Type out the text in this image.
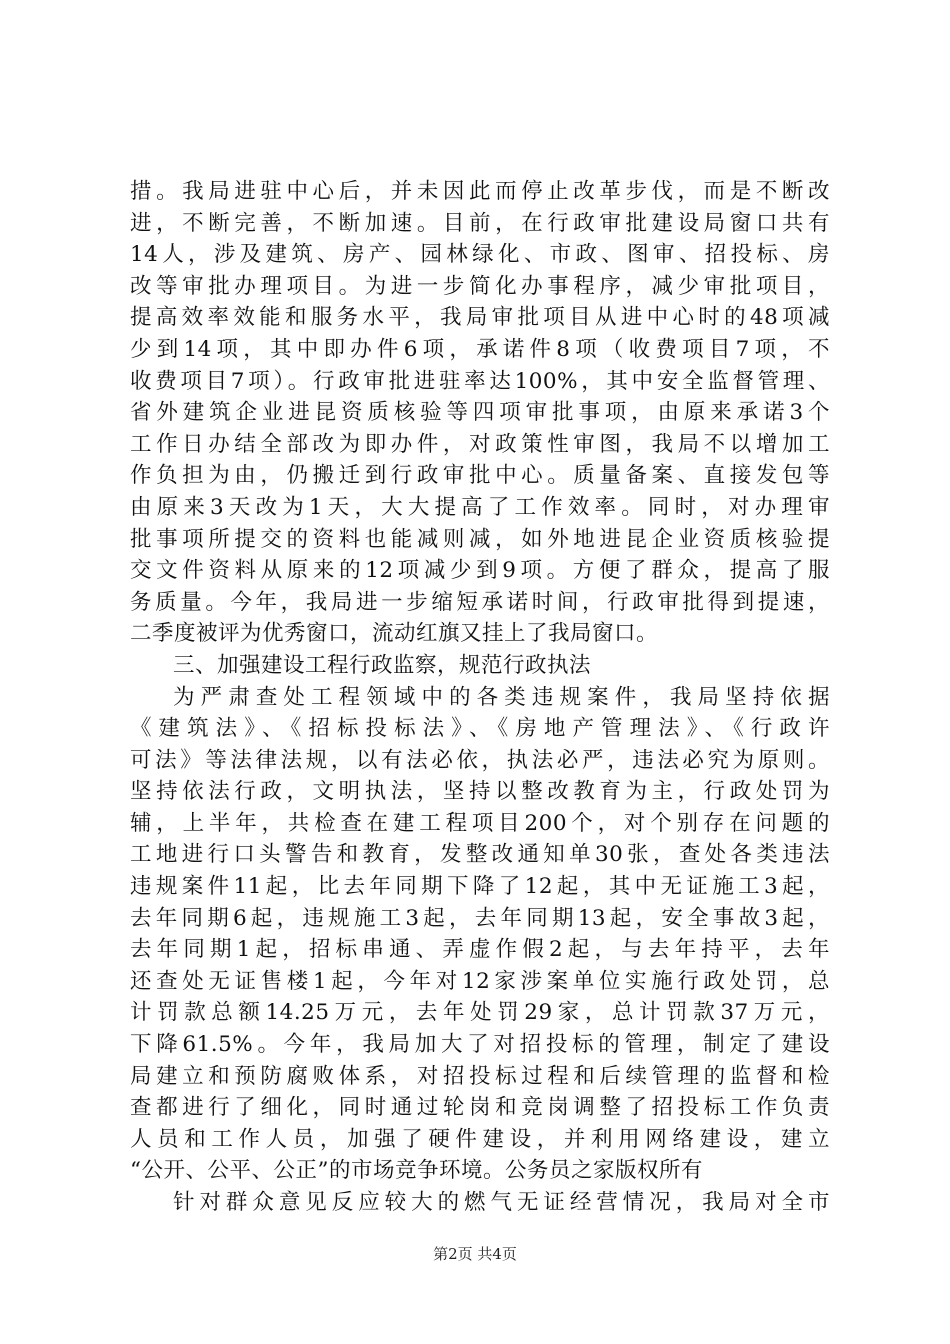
措。我局进驻中心后，并未因此而停止改革步伐，而是不断改
进，不断完善，不断加速。目前，在行政审批建设局窗口共有
14人，涉及建筑、房产、园林绿化、市政、图审、招投标、房
改等审批办理项目。为进一步简化办事程序，减少审批项目，
提高效率效能和服务水平，我局审批项目从进中心时的48项减
少到14项，其中即办件6项，承诺件8项（收费项目7项，不
收费项目7项）。行政审批进驻率达100%，其中安全监督管理、
省外建筑企业进昆资质核验等四项审批事项，由原来承诺3个
工作日办结全部改为即办件，对政策性审图，我局不以增加工
作负担为由，仍搬迁到行政审批中心。质量备案、直接发包等
由原来3天改为1天，大大提高了工作效率。同时，对办理审
批事项所提交的资料也能减则减，如外地进昆企业资质核验提
交文件资料从原来的12项减少到9项。方便了群众，提高了服
务质量。今年，我局进一步缩短承诺时间，行政审批得到提速，
二季度被评为优秀窗口，流动红旗又挂上了我局窗口。
三、加强建设工程行政监察，规范行政执法
为严肃查处工程领域中的各类违规案件，我局坚持依据
《建筑法》、《招标投标法》、《房地产管理法》、《行政许
可法》等法律法规，以有法必依，执法必严，违法必究为原则。
坚持依法行政，文明执法，坚持以整改教育为主，行政处罚为
辅，上半年，共检查在建工程项目200个，对个别存在问题的
工地进行口头警告和教育，发整改通知单30张，查处各类违法
违规案件11起，比去年同期下降了12起，其中无证施工3起，
去年同期6起，违规施工3起，去年同期13起，安全事故3起，
去年同期1起，招标串通、弄虚作假2起，与去年持平，去年
还查处无证售楼1起，今年对12家涉案单位实施行政处罚，总
计罚款总额14.25万元，去年处罚29家，总计罚款37万元，
下降61.5%。今年，我局加大了对招投标的管理，制定了建设
局建立和预防腐败体系，对招投标过程和后续管理的监督和检
查都进行了细化，同时通过轮岗和竞岗调整了招投标工作负责
人员和工作人员，加强了硬件建设，并利用网络建设，建立
“公开、公平、公正”的市场竞争环境。公务员之家版权所有
针对群众意见反应较大的燃气无证经营情况，我局对全市
第2页 共4页
